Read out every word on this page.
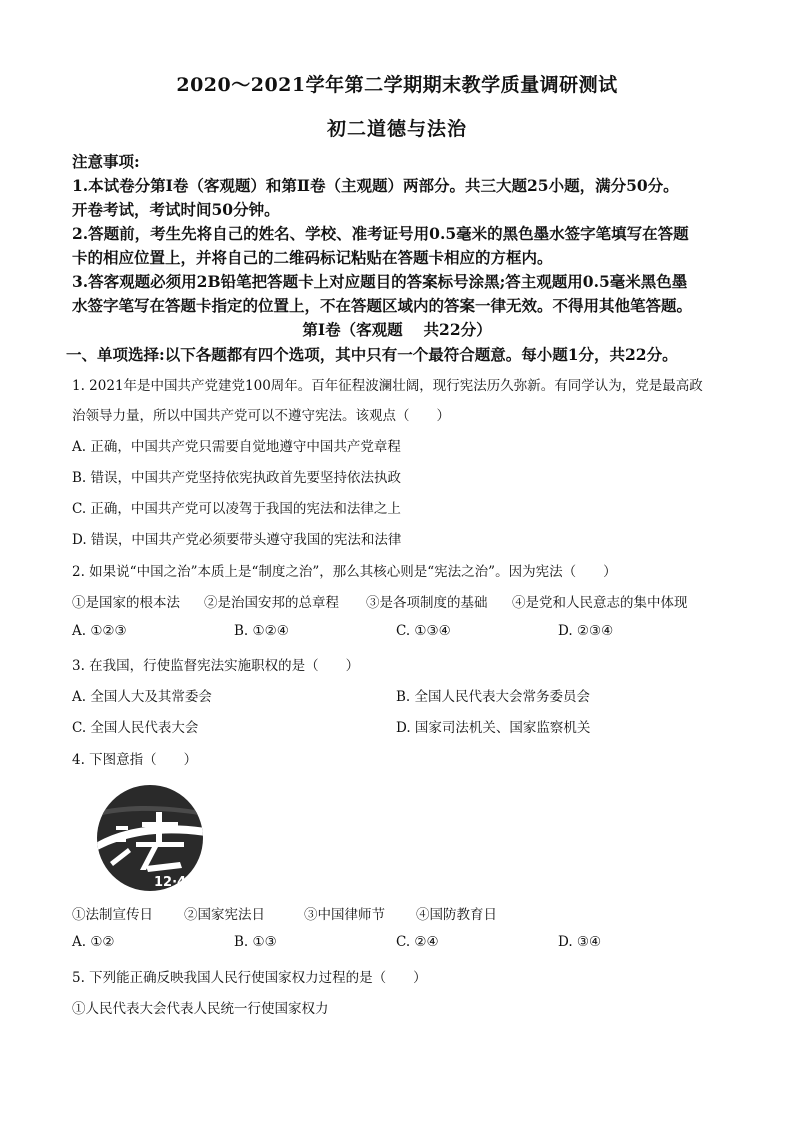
2020～2021学年第二学期期末教学质量调研测试
初二道德与法治
注意事项:
1.本试卷分第Ⅰ卷（客观题）和第Ⅱ卷（主观题）两部分。共三大题25小题，满分50分。
开卷考试，考试时间50分钟。
2.答题前，考生先将自己的姓名、学校、准考证号用0.5毫米的黑色墨水签字笔填写在答题
卡的相应位置上，并将自己的二维码标记粘贴在答题卡相应的方框内。
3.答客观题必须用2B铅笔把答题卡上对应题目的答案标号涂黑;答主观题用0.5毫米黑色墨
水签字笔写在答题卡指定的位置上，不在答题区域内的答案一律无效。不得用其他笔答题。
第Ⅰ卷（客观题　 共22分）
一、单项选择:以下各题都有四个选项，其中只有一个最符合题意。每小题1分，共22分。
1. 2021年是中国共产党建党100周年。百年征程波澜壮阔，现行宪法历久弥新。有同学认为，党是最高政
治领导力量，所以中国共产党可以不遵守宪法。该观点（　　）
A. 正确，中国共产党只需要自觉地遵守中国共产党章程
B. 错误，中国共产党坚持依宪执政首先要坚持依法执政
C. 正确，中国共产党可以凌驾于我国的宪法和法律之上
D. 错误，中国共产党必须要带头遵守我国的宪法和法律
2. 如果说“中国之治”本质上是“制度之治”，那么其核心则是“宪法之治”。因为宪法（　　）
①是国家的根本法 ②是治国安邦的总章程 ③是各项制度的基础 ④是党和人民意志的集中体现
A. ①②③	B. ①②④	C. ①③④	D. ②③④
3. 在我国，行使监督宪法实施职权的是（　　）
A. 全国人大及其常委会	B. 全国人民代表大会常务委员会
C. 全国人民代表大会	D. 国家司法机关、国家监察机关
4. 下图意指（　　）
12·4
①法制宣传日 ②国家宪法日	③中国律师节 ④国防教育日
A. ①②	B. ①③	C. ②④	D. ③④
5. 下列能正确反映我国人民行使国家权力过程的是（　　）
①人民代表大会代表人民统一行使国家权力
